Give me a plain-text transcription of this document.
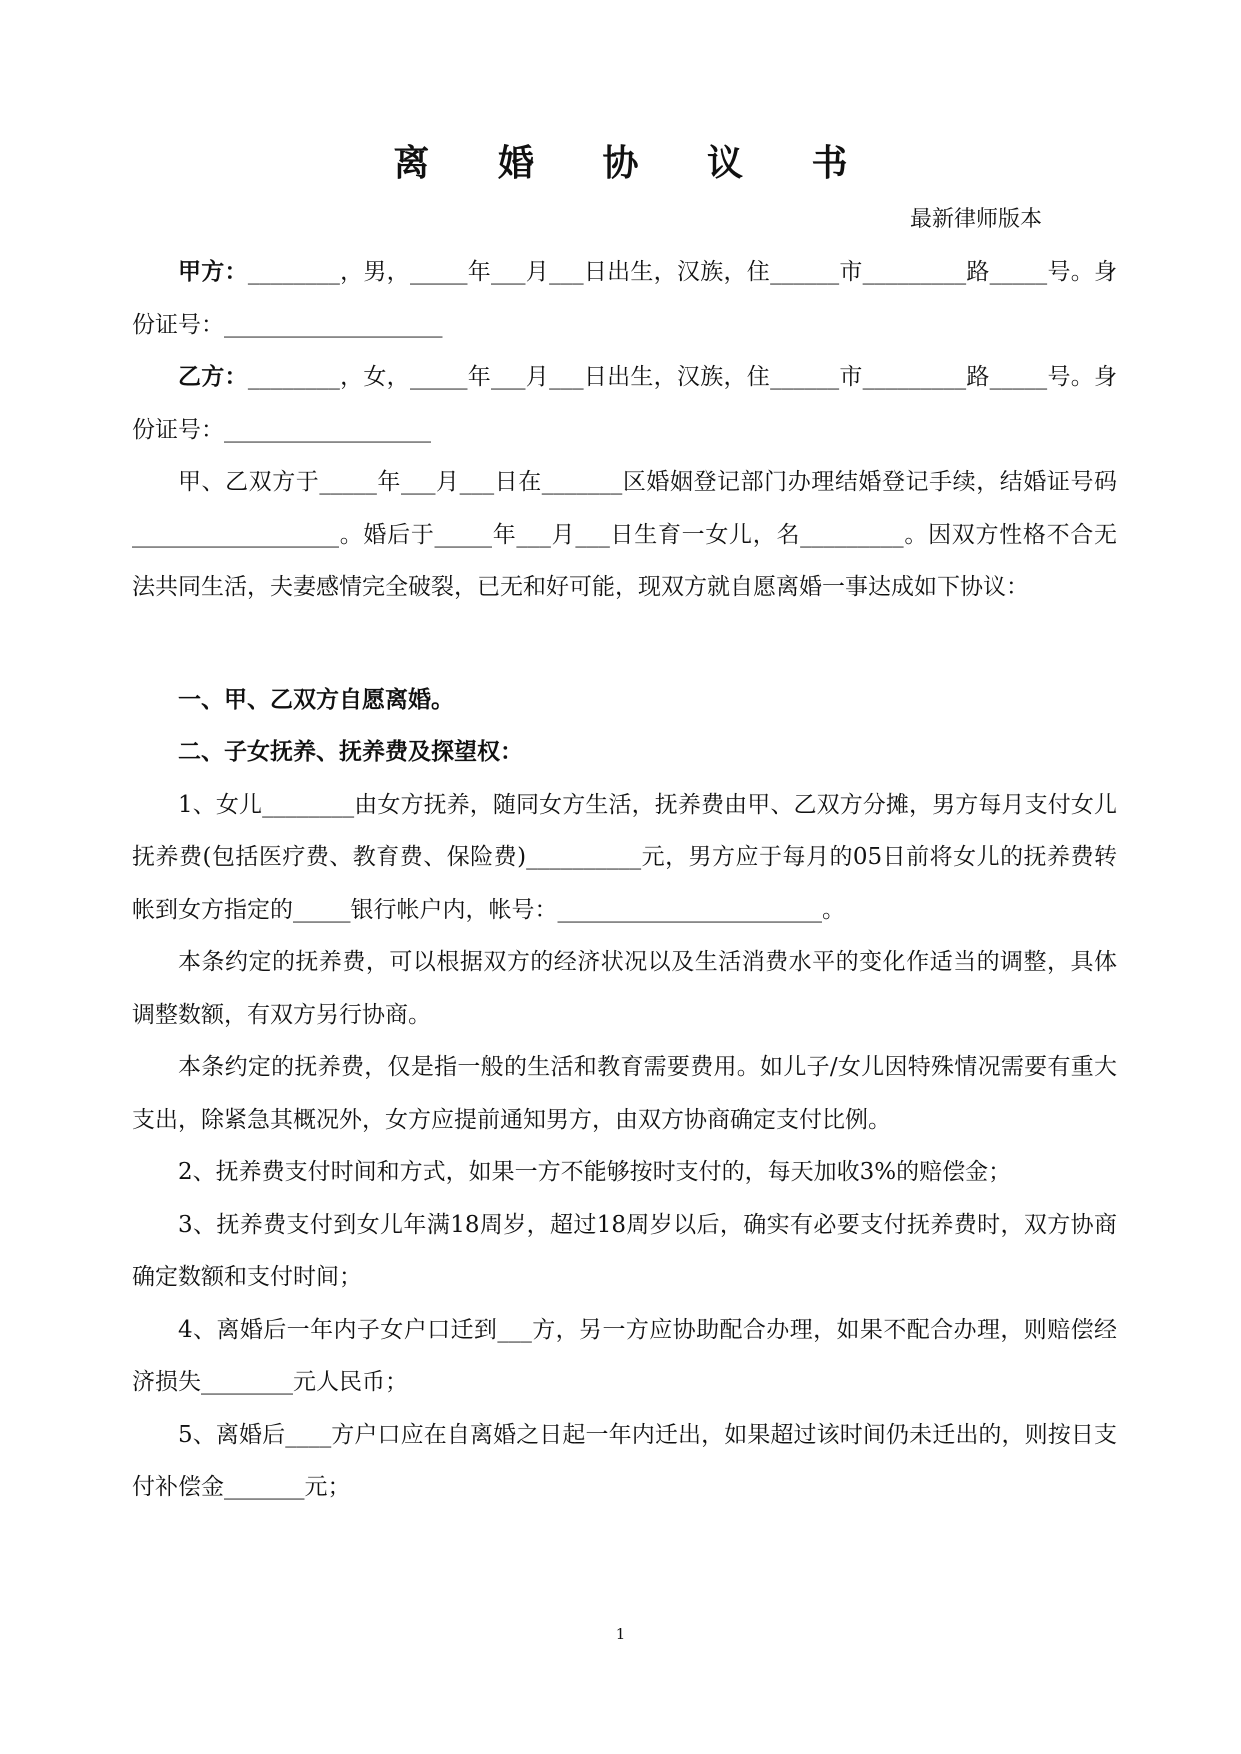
离 婚 协 议 书
最新律师版本

甲方：________，男，_____年___月___日出生，汉族，住______市_________路_____号。身份证号：___________________

乙方：________，女，_____年___月___日出生，汉族，住______市_________路_____号。身份证号：__________________

甲、乙双方于_____年___月___日在_______区婚姻登记部门办理结婚登记手续，结婚证号码__________________。婚后于_____年___月___日生育一女儿，名_________。因双方性格不合无法共同生活，夫妻感情完全破裂，已无和好可能，现双方就自愿离婚一事达成如下协议：

一、甲、乙双方自愿离婚。

二、子女抚养、抚养费及探望权：

1、女儿________由女方抚养，随同女方生活，抚养费由甲、乙双方分摊，男方每月支付女儿抚养费(包括医疗费、教育费、保险费)__________元，男方应于每月的05日前将女儿的抚养费转帐到女方指定的_____银行帐户内，帐号：_______________________。

本条约定的抚养费，可以根据双方的经济状况以及生活消费水平的变化作适当的调整，具体调整数额，有双方另行协商。

本条约定的抚养费，仅是指一般的生活和教育需要费用。如儿子/女儿因特殊情况需要有重大支出，除紧急其概况外，女方应提前通知男方，由双方协商确定支付比例。

2、抚养费支付时间和方式，如果一方不能够按时支付的，每天加收3%的赔偿金；

3、抚养费支付到女儿年满18周岁，超过18周岁以后，确实有必要支付抚养费时，双方协商确定数额和支付时间；

4、离婚后一年内子女户口迁到___方，另一方应协助配合办理，如果不配合办理，则赔偿经济损失________元人民币；

5、离婚后____方户口应在自离婚之日起一年内迁出，如果超过该时间仍未迁出的，则按日支付补偿金_______元；

1
